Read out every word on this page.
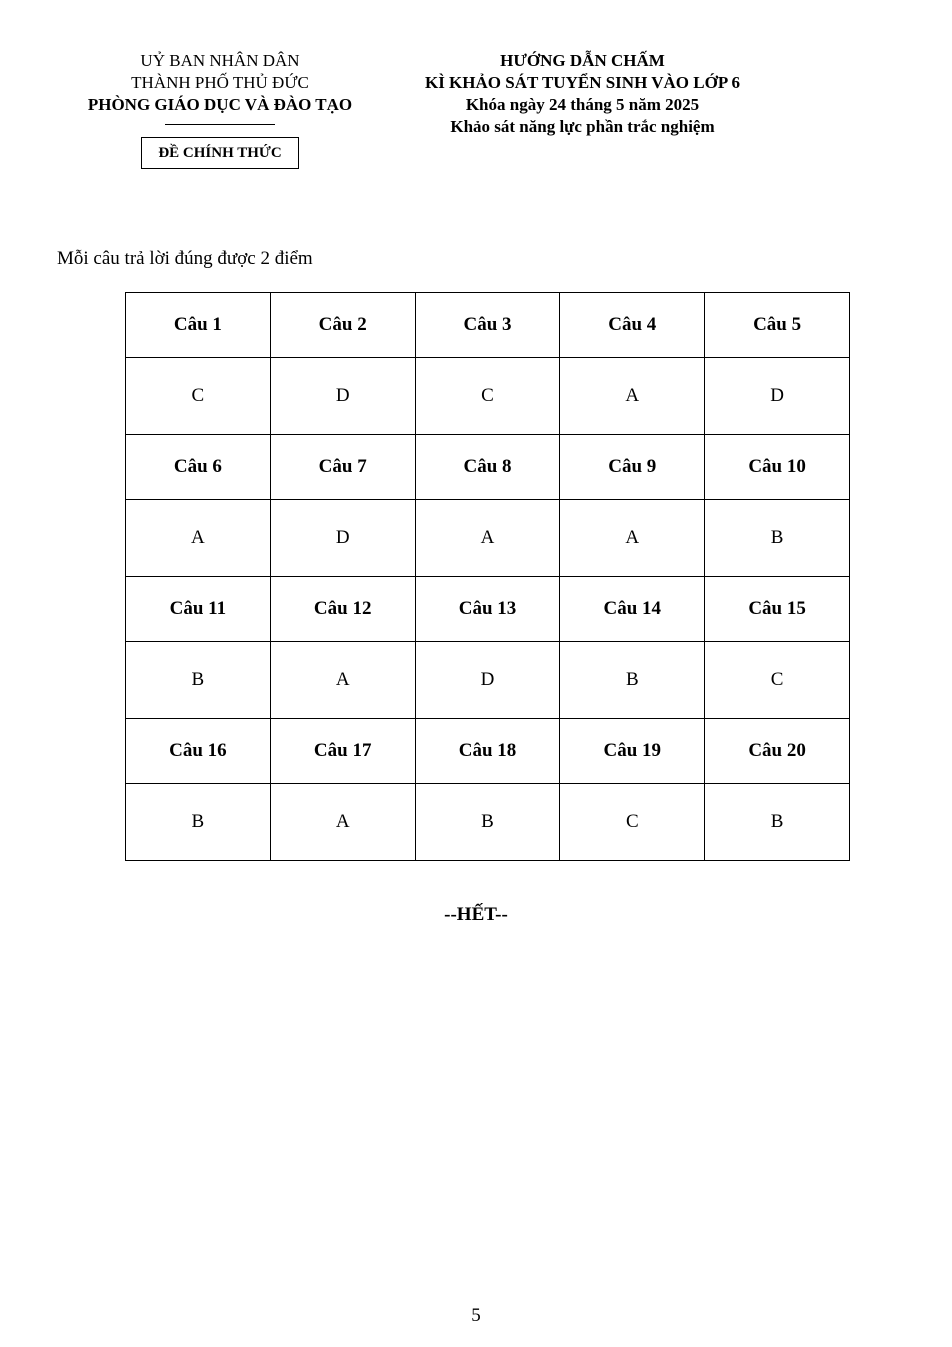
UỶ BAN NHÂN DÂN
THÀNH PHỐ THỦ ĐỨC
PHÒNG GIÁO DỤC VÀ ĐÀO TẠO
ĐỀ CHÍNH THỨC
HƯỚNG DẪN CHẤM
KÌ KHẢO SÁT TUYỂN SINH VÀO LỚP 6
Khóa ngày 24 tháng 5 năm 2025
Khảo sát năng lực phần trắc nghiệm
Mỗi câu trả lời đúng được 2 điểm
Câu 1	Câu 2	Câu 3	Câu 4	Câu 5
C	D	C	A	D
Câu 6	Câu 7	Câu 8	Câu 9	Câu 10
A	D	A	A	B
Câu 11	Câu 12	Câu 13	Câu 14	Câu 15
B	A	D	B	C
Câu 16	Câu 17	Câu 18	Câu 19	Câu 20
B	A	B	C	B
--HẾT--
5
